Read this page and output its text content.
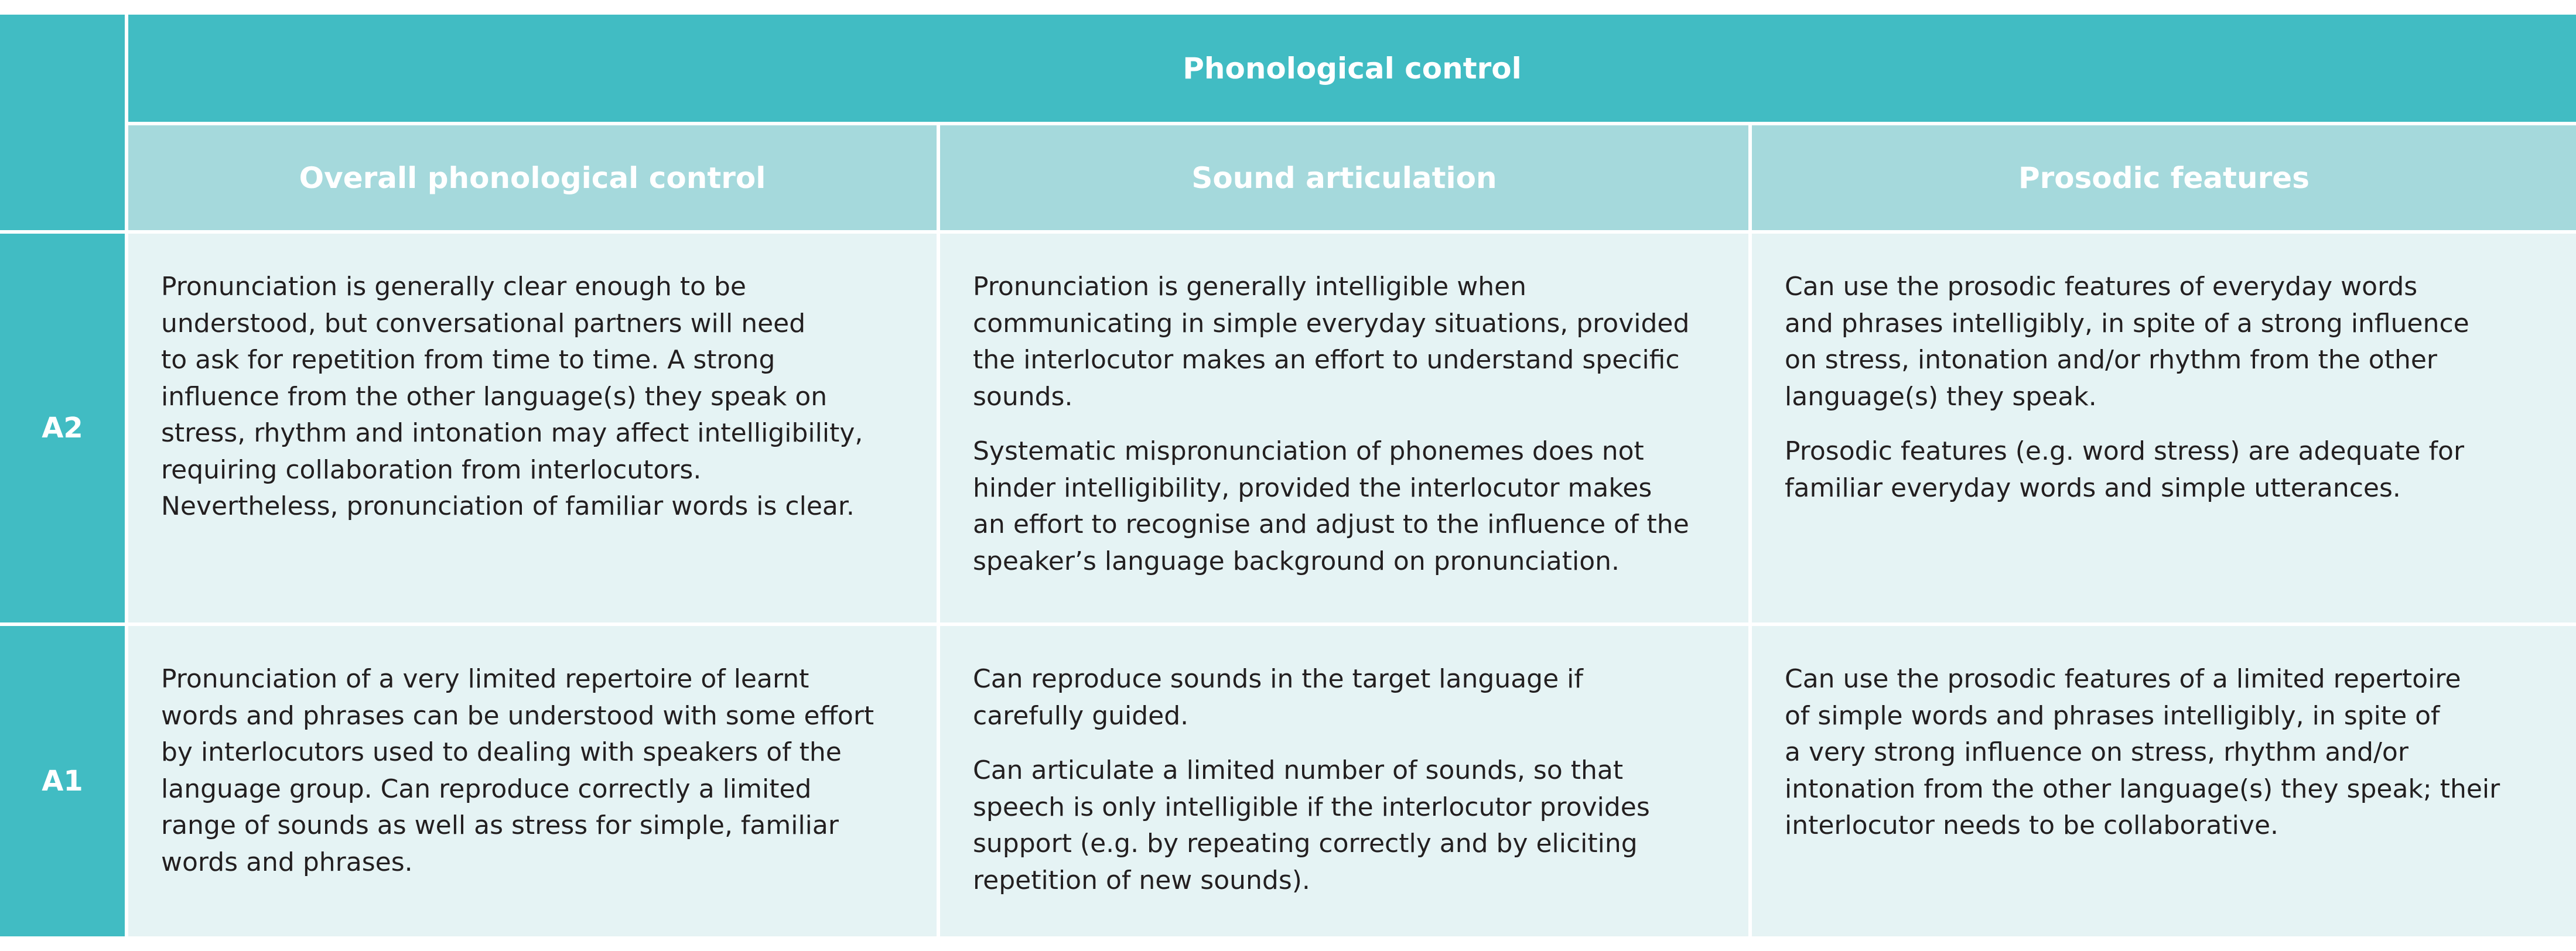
Phonological control
Overall phonological control	Sound articulation	Prosodic features
A2

Pronunciation is generally clear enough to be
understood, but conversational partners will need
to ask for repetition from time to time. A strong
influence from the other language(s) they speak on
stress, rhythm and intonation may affect intelligibility,
requiring collaboration from interlocutors.
Nevertheless, pronunciation of familiar words is clear.

Pronunciation is generally intelligible when
communicating in simple everyday situations, provided
the interlocutor makes an effort to understand specific
sounds.

Systematic mispronunciation of phonemes does not
hinder intelligibility, provided the interlocutor makes
an effort to recognise and adjust to the influence of the
speaker’s language background on pronunciation.

Can use the prosodic features of everyday words
and phrases intelligibly, in spite of a strong influence
on stress, intonation and/or rhythm from the other
language(s) they speak.

Prosodic features (e.g. word stress) are adequate for
familiar everyday words and simple utterances.

A1

Pronunciation of a very limited repertoire of learnt
words and phrases can be understood with some effort
by interlocutors used to dealing with speakers of the
language group. Can reproduce correctly a limited
range of sounds as well as stress for simple, familiar
words and phrases.

Can reproduce sounds in the target language if
carefully guided.

Can articulate a limited number of sounds, so that
speech is only intelligible if the interlocutor provides
support (e.g. by repeating correctly and by eliciting
repetition of new sounds).

Can use the prosodic features of a limited repertoire
of simple words and phrases intelligibly, in spite of
a very strong influence on stress, rhythm and/or
intonation from the other language(s) they speak; their
interlocutor needs to be collaborative.
